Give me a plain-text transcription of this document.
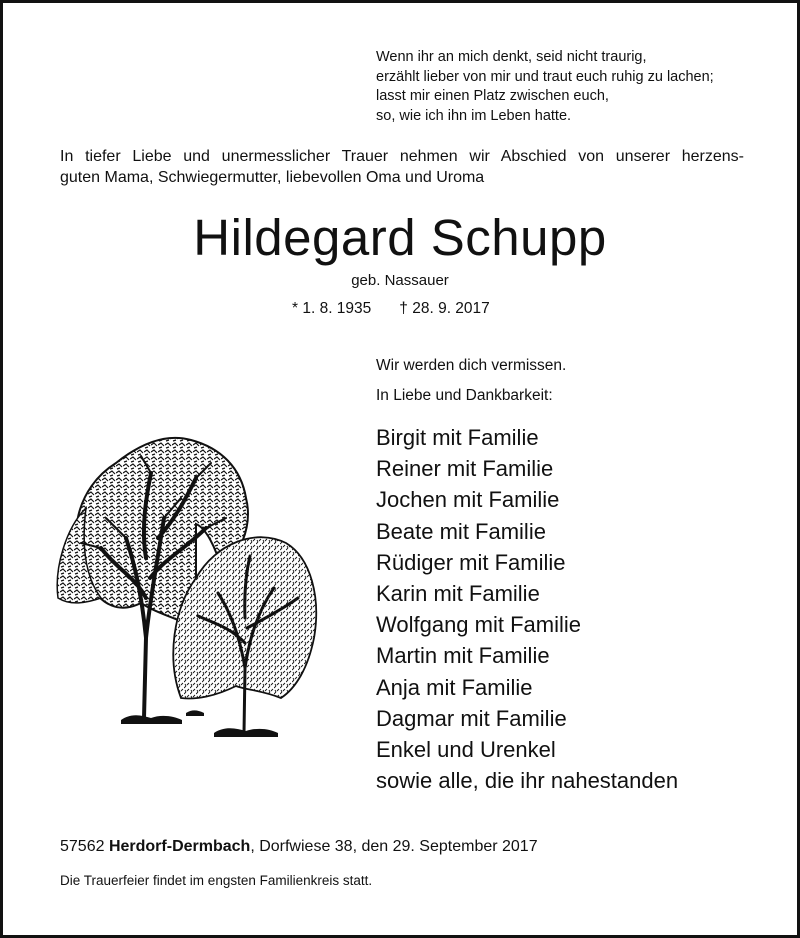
Wenn ihr an mich denkt, seid nicht traurig,
erzählt lieber von mir und traut euch ruhig zu lachen;
lasst mir einen Platz zwischen euch,
so, wie ich ihn im Leben hatte.
In tiefer Liebe und unermesslicher Trauer nehmen wir Abschied von unserer herzens-
guten Mama, Schwiegermutter, liebevollen Oma und Uroma
Hildegard Schupp
geb. Nassauer
* 1. 8. 1935 † 28. 9. 2017
Wir werden dich vermissen.
In Liebe und Dankbarkeit:
Birgit mit Familie
Reiner mit Familie
Jochen mit Familie
Beate mit Familie
Rüdiger mit Familie
Karin mit Familie
Wolfgang mit Familie
Martin mit Familie
Anja mit Familie
Dagmar mit Familie
Enkel und Urenkel
sowie alle, die ihr nahestanden
57562 Herdorf-Dermbach, Dorfwiese 38, den 29. September 2017
Die Trauerfeier findet im engsten Familienkreis statt.
